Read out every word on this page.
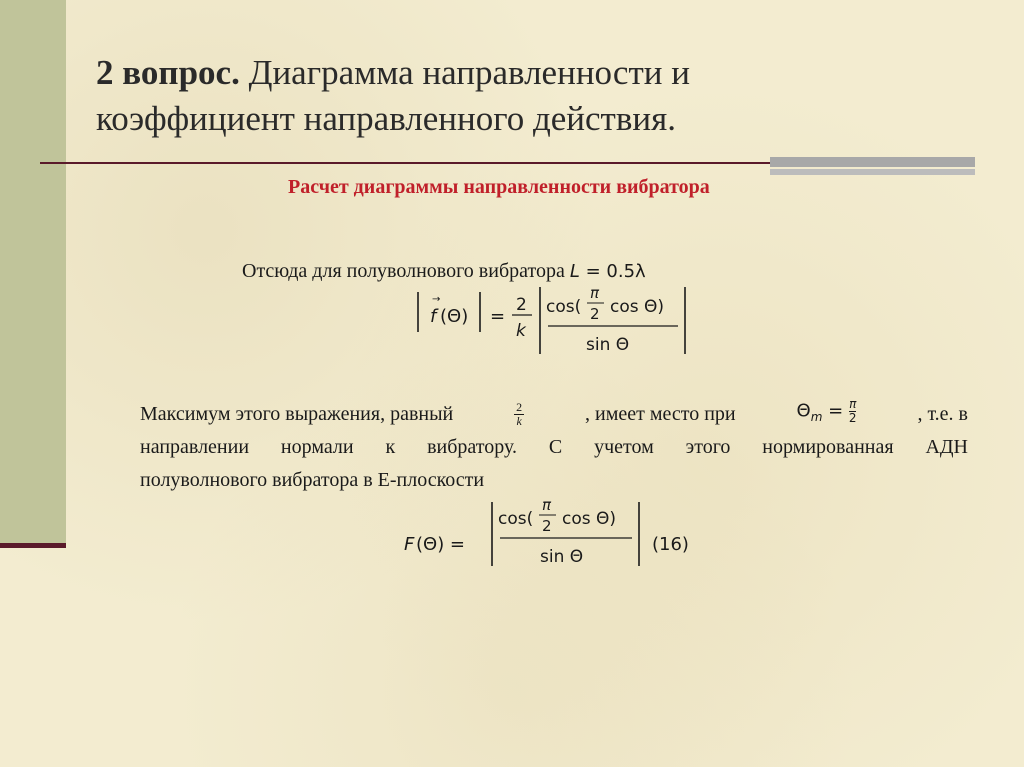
2 вопрос. Диаграмма направленности и
коэффициент направленного действия.
Расчет диаграммы направленности вибратора
Отсюда для полуволнового вибратора L = 0.5λ
f
→
(Θ) =
2
k
cos(
π
2 cos Θ)
sin Θ
Максимум этого выражения, равный	$\frac{2}{k}$	, имеет место при	$\Theta_m = \frac{\pi}{2}$	, т.е. в
направлении нормали к вибратору. С учетом этого нормированная АДН
полуволнового вибратора в Е-плоскости
F (Θ) =
cos(
π
2 cos Θ)
sin Θ
(16)
